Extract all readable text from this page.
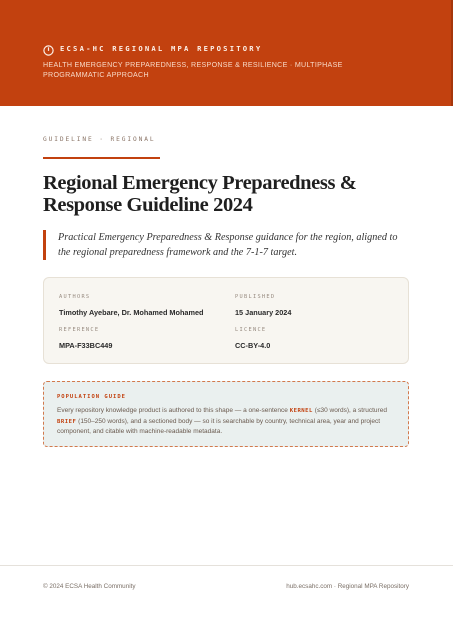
ECSA-HC REGIONAL MPA REPOSITORY
HEALTH EMERGENCY PREPAREDNESS, RESPONSE & RESILIENCE · MULTIPHASE PROGRAMMATIC APPROACH
GUIDELINE · REGIONAL
Regional Emergency Preparedness & Response Guideline 2024
Practical Emergency Preparedness & Response guidance for the region, aligned to the regional preparedness framework and the 7-1-7 target.
AUTHORS
Timothy Ayebare, Dr. Mohamed Mohamed
PUBLISHED
15 January 2024
REFERENCE
MPA-F33BC449
LICENCE
CC-BY-4.0
POPULATION GUIDE
Every repository knowledge product is authored to this shape — a one-sentence KERNEL (≤30 words), a structured BRIEF (150–250 words), and a sectioned body — so it is searchable by country, technical area, year and project component, and citable with machine-readable metadata.
© 2024 ECSA Health Community	hub.ecsahc.com · Regional MPA Repository
